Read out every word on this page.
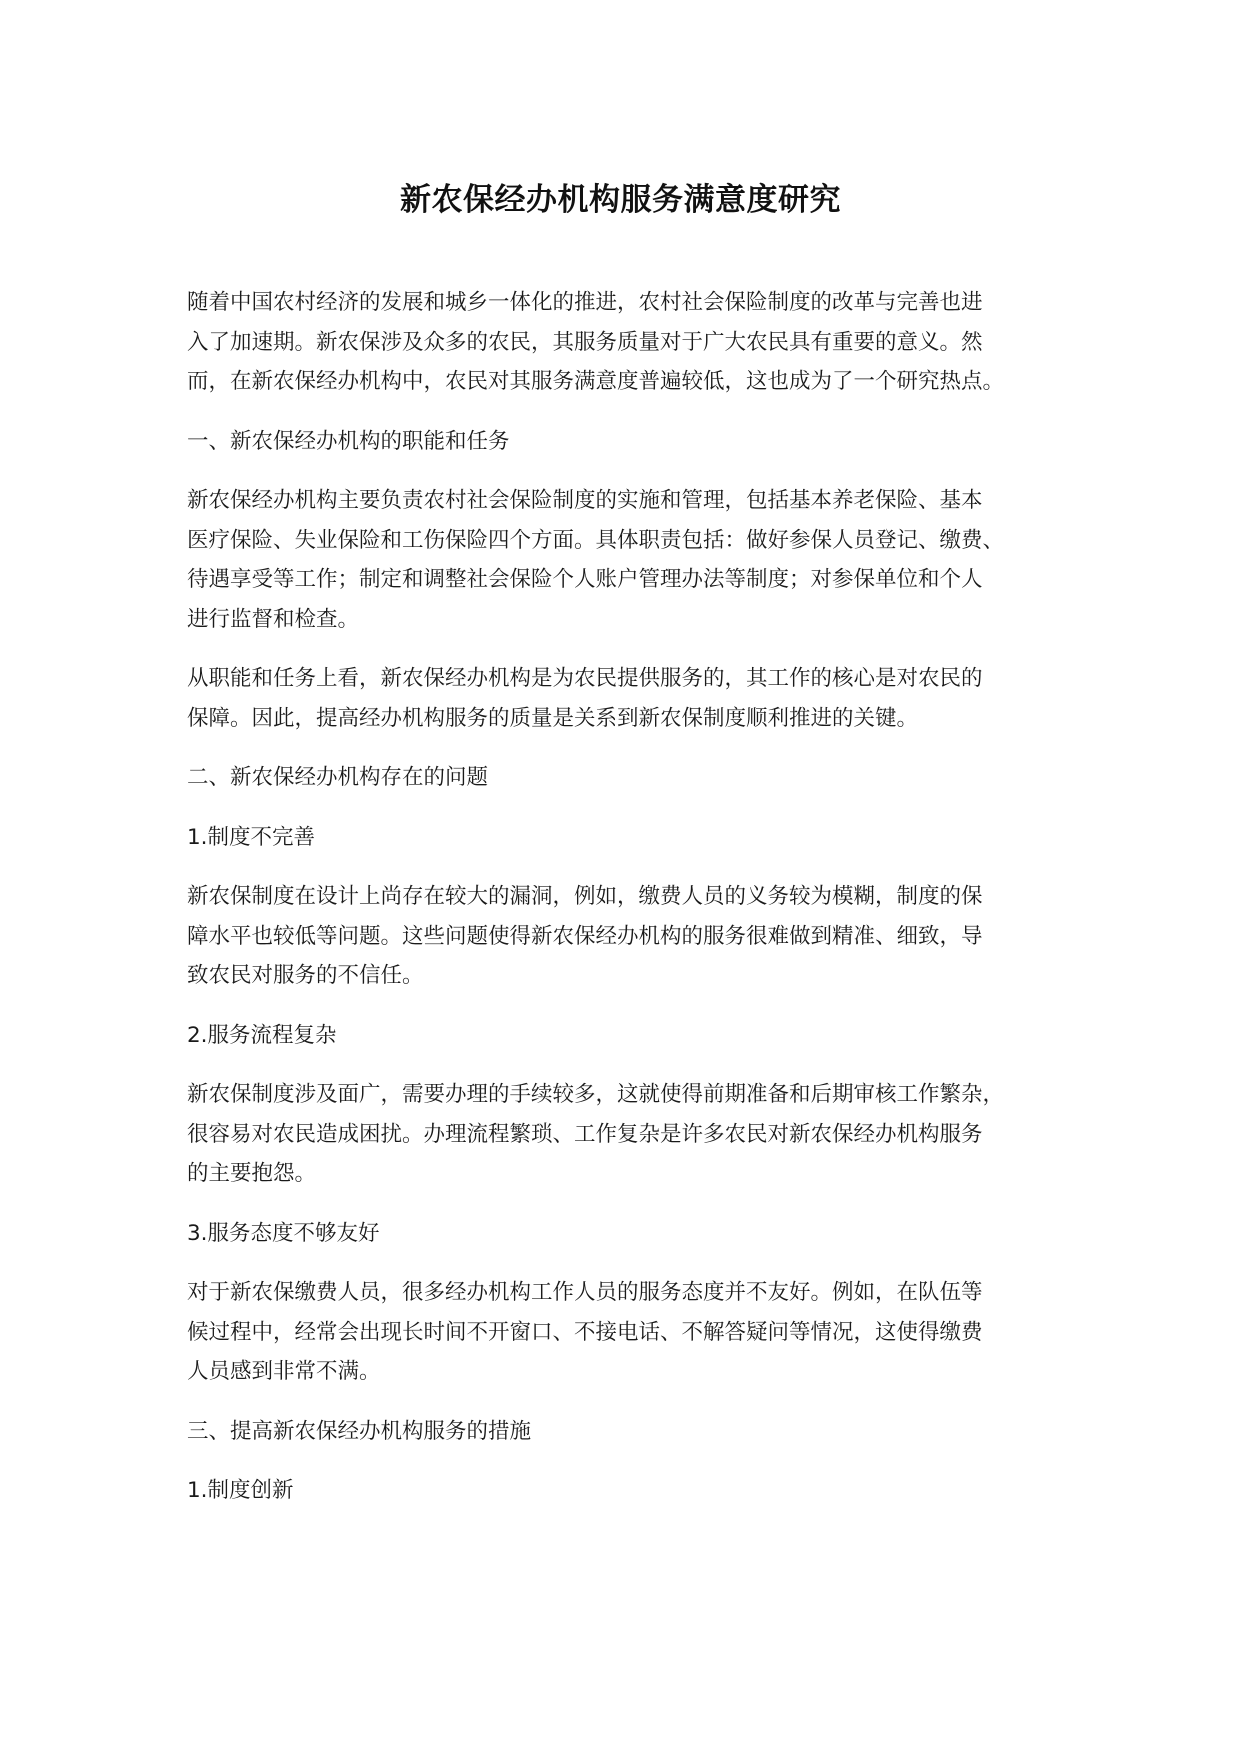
新农保经办机构服务满意度研究
随着中国农村经济的发展和城乡一体化的推进，农村社会保险制度的改革与完善也进
入了加速期。新农保涉及众多的农民，其服务质量对于广大农民具有重要的意义。然
而，在新农保经办机构中，农民对其服务满意度普遍较低，这也成为了一个研究热点。
一、新农保经办机构的职能和任务
新农保经办机构主要负责农村社会保险制度的实施和管理，包括基本养老保险、基本
医疗保险、失业保险和工伤保险四个方面。具体职责包括：做好参保人员登记、缴费、
待遇享受等工作；制定和调整社会保险个人账户管理办法等制度；对参保单位和个人
进行监督和检查。
从职能和任务上看，新农保经办机构是为农民提供服务的，其工作的核心是对农民的
保障。因此，提高经办机构服务的质量是关系到新农保制度顺利推进的关键。
二、新农保经办机构存在的问题
1.制度不完善
新农保制度在设计上尚存在较大的漏洞，例如，缴费人员的义务较为模糊，制度的保
障水平也较低等问题。这些问题使得新农保经办机构的服务很难做到精准、细致，导
致农民对服务的不信任。
2.服务流程复杂
新农保制度涉及面广，需要办理的手续较多，这就使得前期准备和后期审核工作繁杂，
很容易对农民造成困扰。办理流程繁琐、工作复杂是许多农民对新农保经办机构服务
的主要抱怨。
3.服务态度不够友好
对于新农保缴费人员，很多经办机构工作人员的服务态度并不友好。例如，在队伍等
候过程中，经常会出现长时间不开窗口、不接电话、不解答疑问等情况，这使得缴费
人员感到非常不满。
三、提高新农保经办机构服务的措施
1.制度创新
